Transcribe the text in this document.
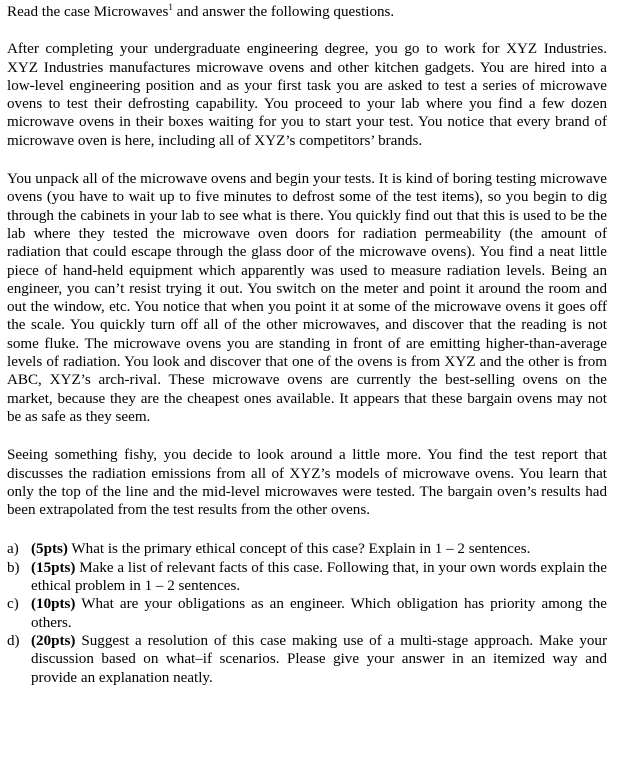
Read the case Microwaves$^1$ and answer the following questions.

After completing your undergraduate engineering degree, you go to work for XYZ Industries. XYZ Industries manufactures microwave ovens and other kitchen gadgets. You are hired into a low-level engineering position and as your first task you are asked to test a series of microwave ovens to test their defrosting capability. You proceed to your lab where you find a few dozen microwave ovens in their boxes waiting for you to start your test. You notice that every brand of microwave oven is here, including all of XYZ’s competitors’ brands.

You unpack all of the microwave ovens and begin your tests. It is kind of boring testing microwave ovens (you have to wait up to five minutes to defrost some of the test items), so you begin to dig through the cabinets in your lab to see what is there. You quickly find out that this is used to be the lab where they tested the microwave oven doors for radiation permeability (the amount of radiation that could escape through the glass door of the microwave ovens). You find a neat little piece of hand-held equipment which apparently was used to measure radiation levels. Being an engineer, you can’t resist trying it out. You switch on the meter and point it around the room and out the window, etc. You notice that when you point it at some of the microwave ovens it goes off the scale. You quickly turn off all of the other microwaves, and discover that the reading is not some fluke. The microwave ovens you are standing in front of are emitting higher-than-average levels of radiation. You look and discover that one of the ovens is from XYZ and the other is from ABC, XYZ’s arch-rival. These microwave ovens are currently the best-selling ovens on the market, because they are the cheapest ones available. It appears that these bargain ovens may not be as safe as they seem.

Seeing something fishy, you decide to look around a little more. You find the test report that discusses the radiation emissions from all of XYZ’s models of microwave ovens. You learn that only the top of the line and the mid-level microwaves were tested. The bargain oven’s results had been extrapolated from the test results from the other ovens.

a) (5pts) What is the primary ethical concept of this case? Explain in 1 – 2 sentences.
b) (15pts) Make a list of relevant facts of this case. Following that, in your own words explain the ethical problem in 1 – 2 sentences.
c) (10pts) What are your obligations as an engineer. Which obligation has priority among the others.
d) (20pts) Suggest a resolution of this case making use of a multi-stage approach. Make your discussion based on what–if scenarios. Please give your answer in an itemized way and provide an explanation neatly.
